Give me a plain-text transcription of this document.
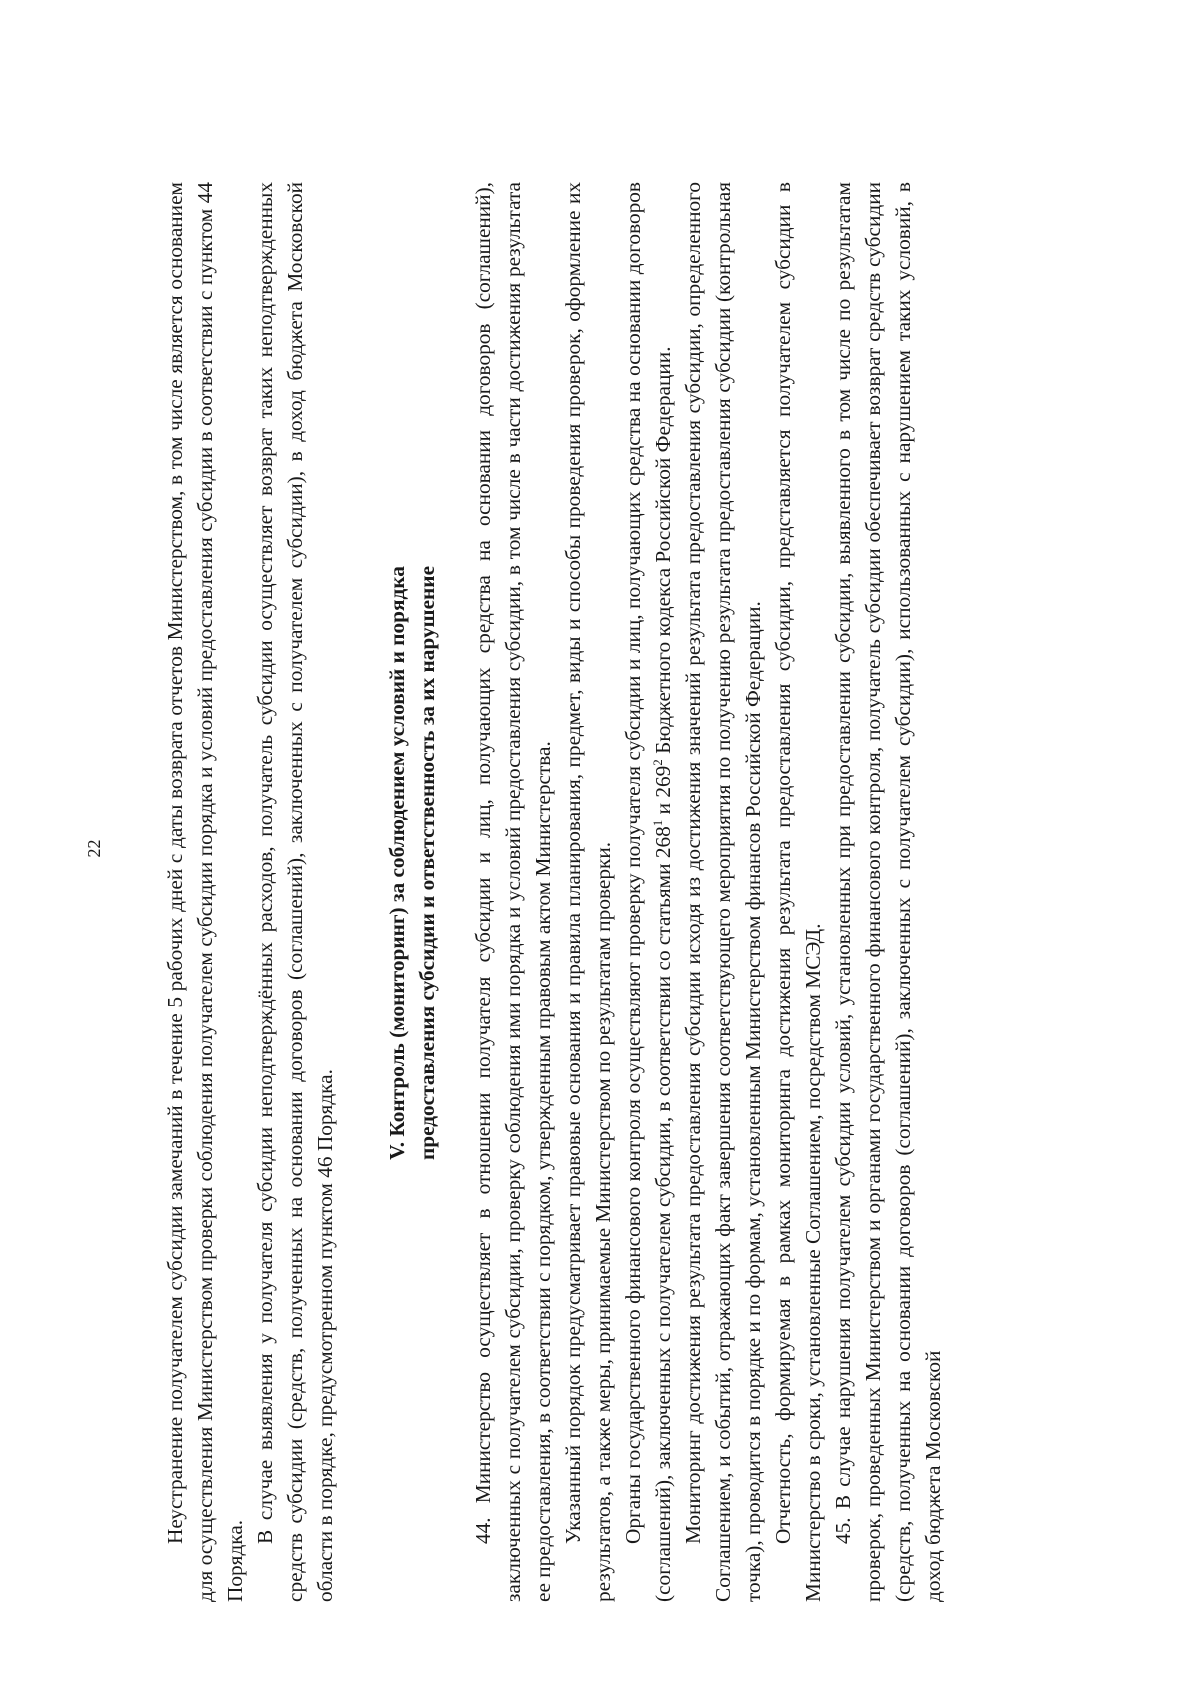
22	Неустранение получателем субсидии замечаний в течение 5 рабочих дней с даты возврата отчетов Министерством, в том числе является основанием для осуществления Министерством проверки соблюдения получателем субсидии порядка и условий предоставления субсидии в соответствии с пунктом 44 Порядка.

В случае выявления у получателя субсидии неподтверждённых расходов, получатель субсидии осуществляет возврат таких неподтвержденных средств субсидии (средств, полученных на основании договоров (соглашений), заключенных с получателем субсидии), в доход бюджета Московской области в порядке, предусмотренном пунктом 46 Порядка.

V. Контроль (мониторинг) за соблюдением условий и порядка предоставления субсидии и ответственность за их нарушение 44. Министерство осуществляет в отношении получателя субсидии и лиц, получающих средства на основании договоров (соглашений), заключенных с получателем субсидии, проверку соблюдения ими порядка и условий предоставления субсидии, в том числе в части достижения результата ее предоставления, в соответствии с порядком, утвержденным правовым актом Министерства. Указанный порядок предусматривает правовые основания и правила планирования, предмет, виды и способы проведения проверок, оформление их результатов, а также меры, принимаемые Министерством по результатам проверки. Органы государственного финансового контроля осуществляют проверку получателя субсидии и лиц, получающих средства на основании договоров (соглашений), заключенных с получателем субсидии, в соответствии со статьями $268^1$ и $269^2$ Бюджетного кодекса Российской Федерации. Мониторинг достижения результата предоставления субсидии исходя из достижения значений результата предоставления субсидии, определенного Соглашением, и событий, отражающих факт завершения соответствующего мероприятия по получению результата предоставления субсидии (контрольная точка), проводится в порядке и по формам, установленным Министерством финансов Российской Федерации. Отчетность, формируемая в рамках мониторинга достижения результата предоставления субсидии, представляется получателем субсидии в Министерство в сроки, установленные Соглашением, посредством МСЭД. 45. В случае нарушения получателем субсидии условий, установленных при предоставлении субсидии, выявленного в том числе по результатам проверок, проведенных Министерством и органами государственного финансового контроля, получатель субсидии обеспечивает возврат средств субсидии (средств, полученных на основании договоров (соглашений), заключенных с получателем субсидии), использованных с нарушением таких условий, в доход бюджета Московской
